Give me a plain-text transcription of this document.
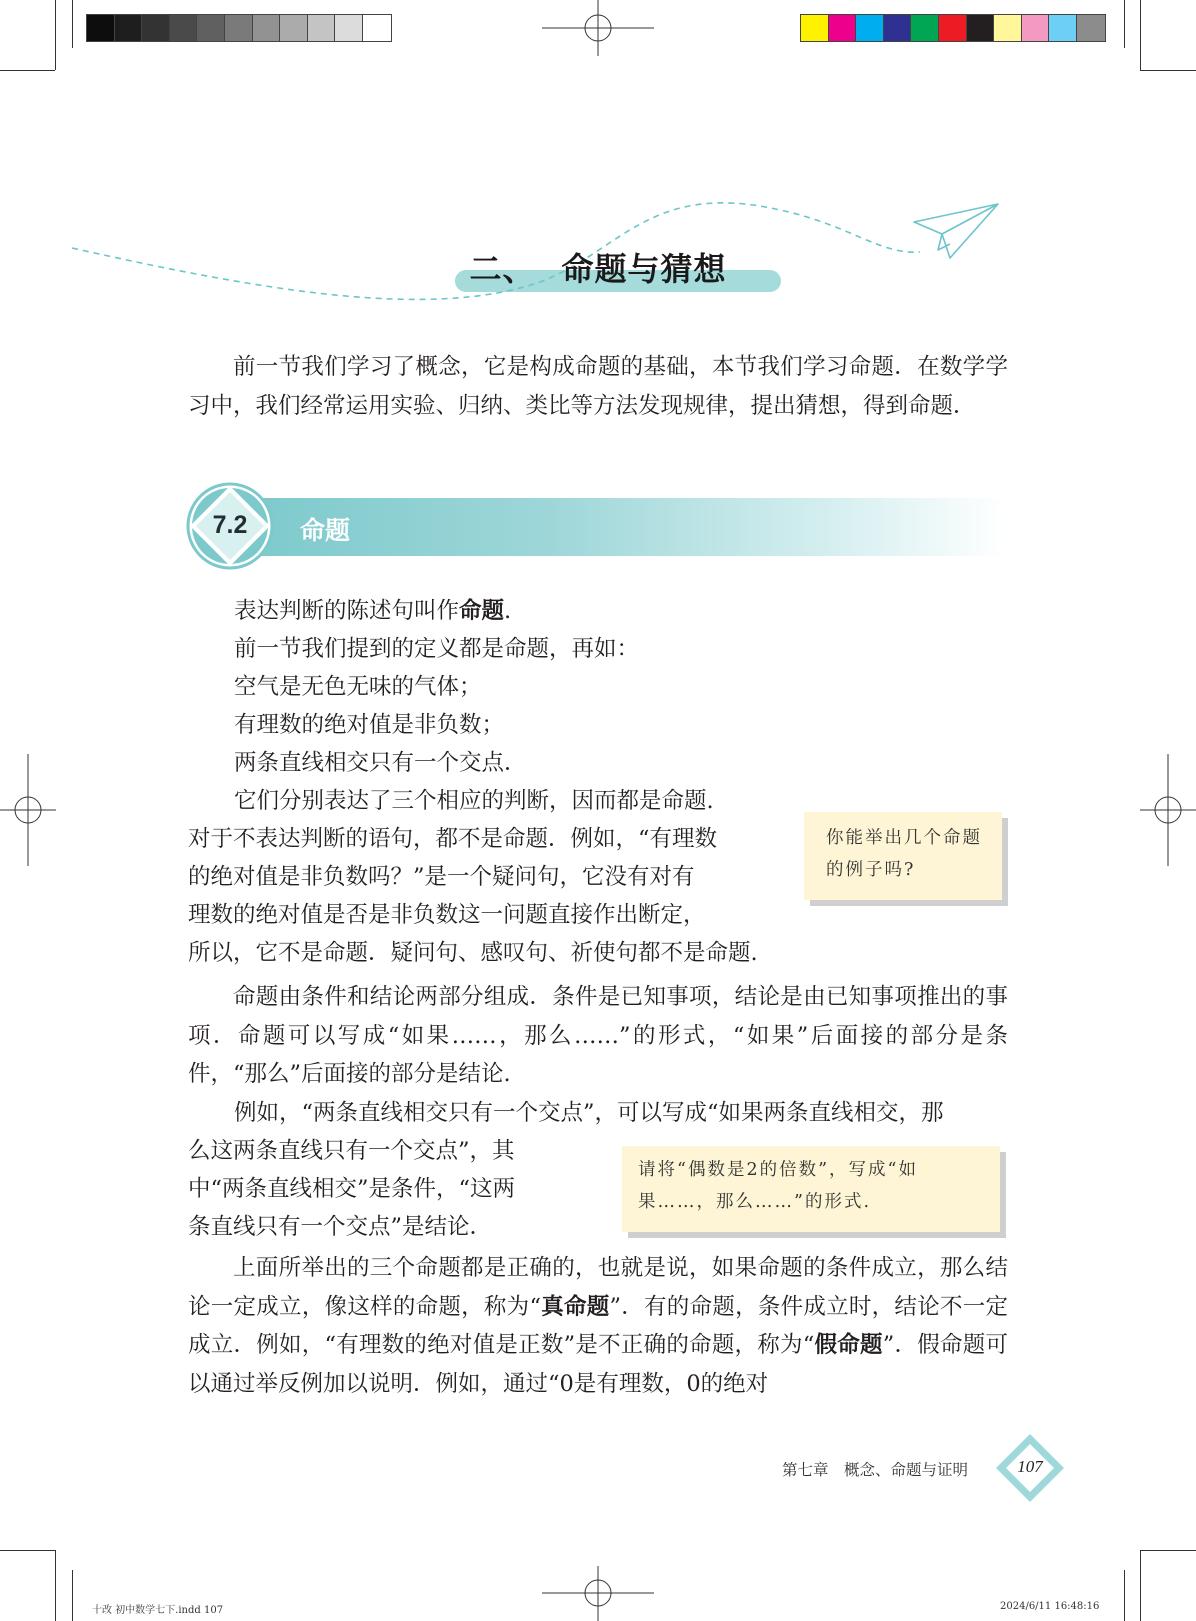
二、 命题与猜想
前一节我们学习了概念，它是构成命题的基础，本节我们学习命题．在数学学习中，我们经常运用实验、归纳、类比等方法发现规律，提出猜想，得到命题．
7.2	命题
表达判断的陈述句叫作命题.
前一节我们提到的定义都是命题，再如：
空气是无色无味的气体；
有理数的绝对值是非负数；
两条直线相交只有一个交点．
它们分别表达了三个相应的判断，因而都是命题.
对于不表达判断的语句，都不是命题．例如，“有理数
的绝对值是非负数吗？”是一个疑问句，它没有对有
理数的绝对值是否是非负数这一问题直接作出断定，
所以，它不是命题．疑问句、感叹句、祈使句都不是命题.
你能举出几个命题的例子吗?
命题由条件和结论两部分组成．条件是已知事项，结论是由已知事项推出的事项．命题可以写成“如果……，那么……”的形式，“如果”后面接的部分是条件，“那么”后面接的部分是结论.
例如，“两条直线相交只有一个交点”，可以写成“如果两条直线相交，那
么这两条直线只有一个交点”，其
中“两条直线相交”是条件，“这两
条直线只有一个交点”是结论．
请将“偶数是2的倍数”，写成“如果……，那么……”的形式.
上面所举出的三个命题都是正确的，也就是说，如果命题的条件成立，那么结论一定成立，像这样的命题，称为“真命题”．有的命题，条件成立时，结论不一定成立．例如，“有理数的绝对值是正数”是不正确的命题，称为“假命题”．假命题可以通过举反例加以说明．例如，通过“0是有理数，0的绝对
第七章　概念、命题与证明	107
十改 初中数学七下.indd 107	2024/6/11 16:48:16
